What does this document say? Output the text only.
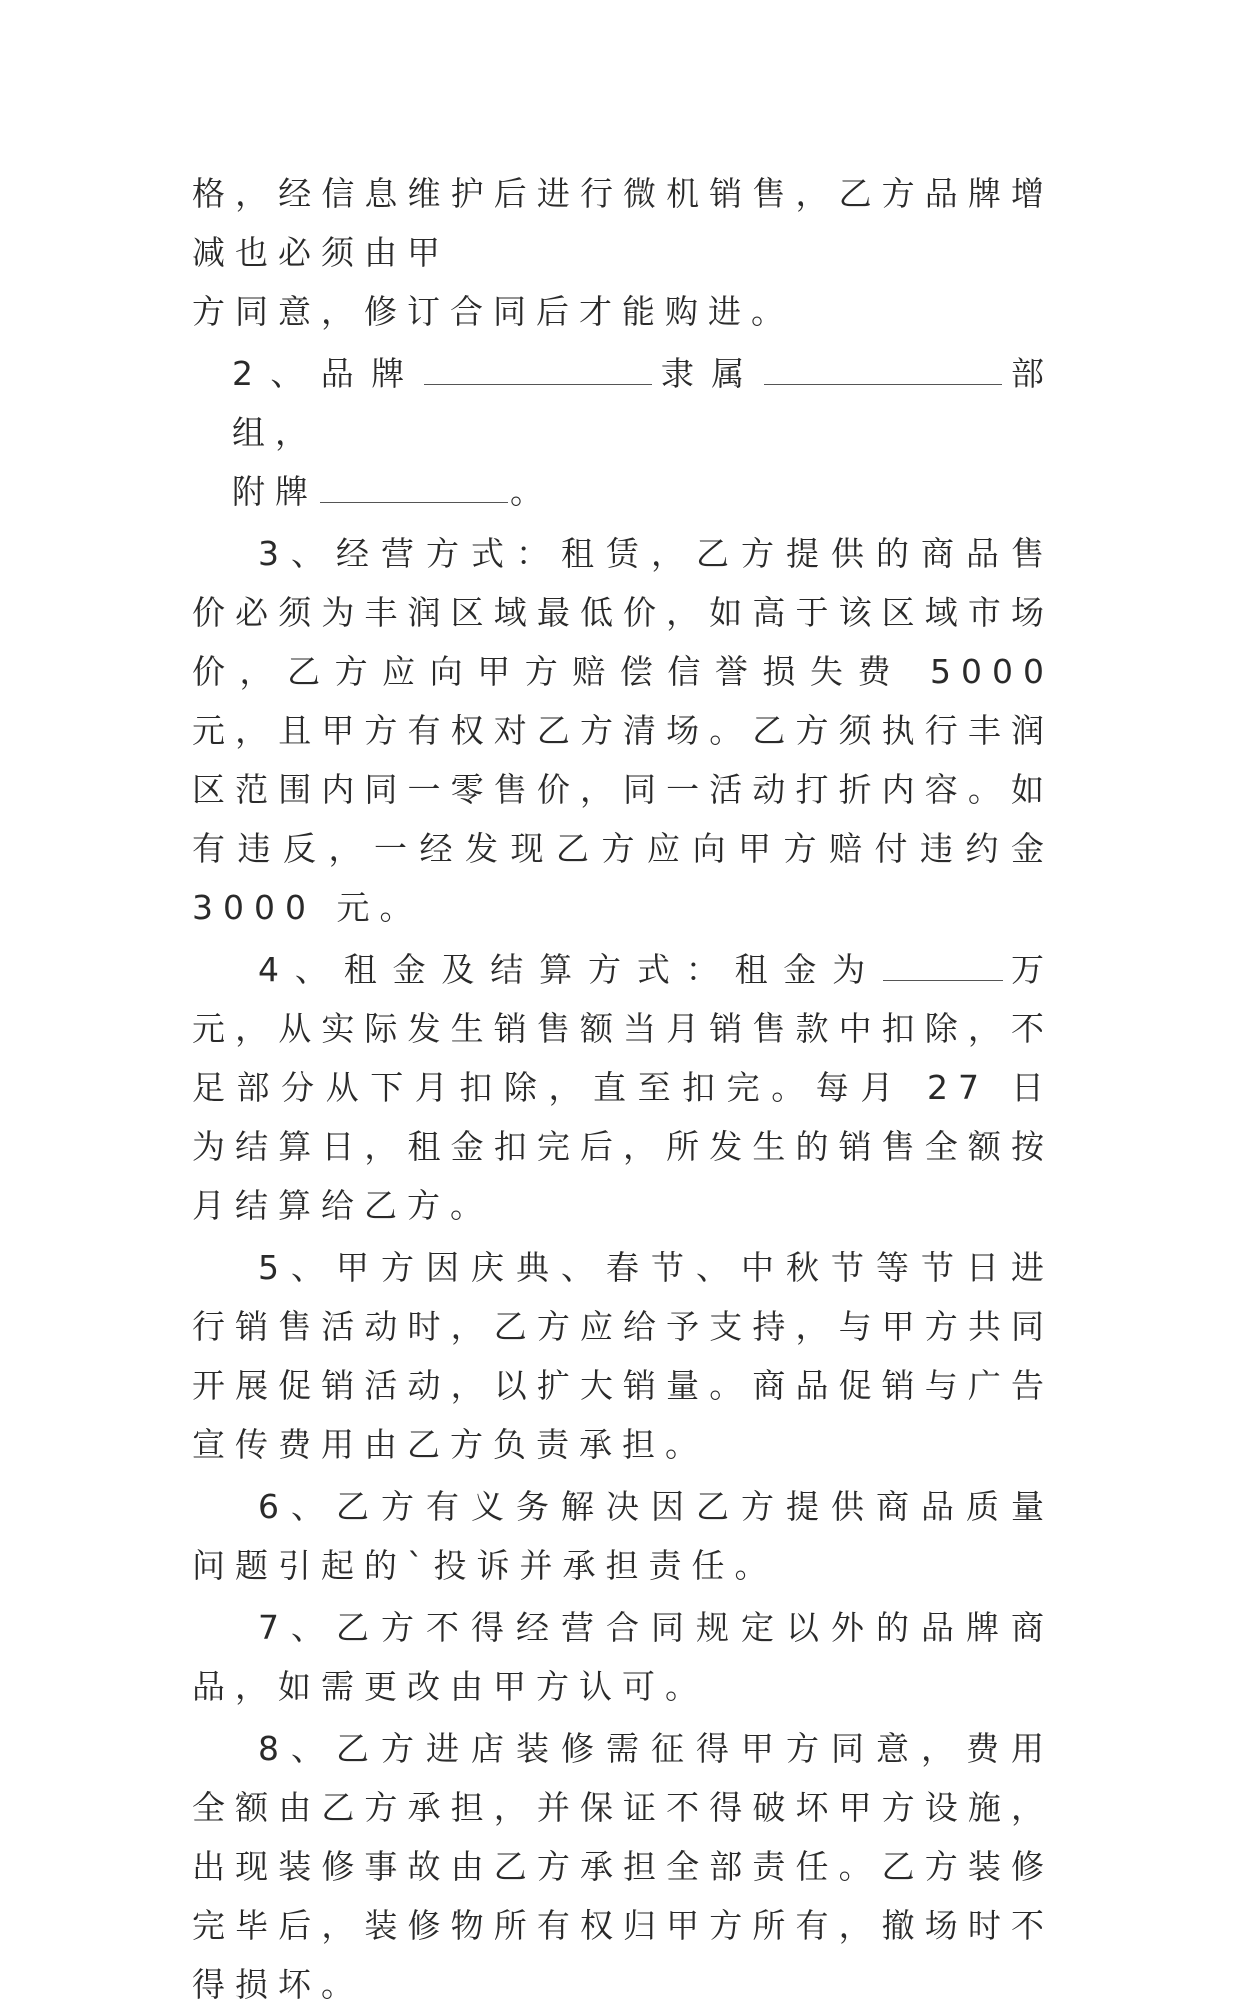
格，经信息维护后进行微机销售，乙方品牌增减也必须由甲
方同意，修订合同后才能购进。
2、品牌	隶属	部组，
附牌	。
3、经营方式：租赁，乙方提供的商品售价必须为丰润区域最低价，如高于该区域市场价，乙方应向甲方赔偿信誉损失费 5000 元，且甲方有权对乙方清场。乙方须执行丰润区范围内同一零售价，同一活动打折内容。如有违反，一经发现乙方应向甲方赔付违约金 3000 元。
4、租金及结算方式：租金为	万元，从实际发生销售额当月销售款中扣除，不足部分从下月扣除，直至扣完。每月 27 日为结算日，租金扣完后，所发生的销售全额按月结算给乙方。
5、甲方因庆典、春节、中秋节等节日进行销售活动时，乙方应给予支持，与甲方共同开展促销活动，以扩大销量。商品促销与广告宣传费用由乙方负责承担。
6、乙方有义务解决因乙方提供商品质量问题引起的`投诉并承担责任。
7、乙方不得经营合同规定以外的品牌商品，如需更改由甲方认可。
8、乙方进店装修需征得甲方同意，费用全额由乙方承担，并保证不得破坏甲方设施，出现装修事故由乙方承担全部责任。乙方装修完毕后，装修物所有权归甲方所有，撤场时不得损坏。
